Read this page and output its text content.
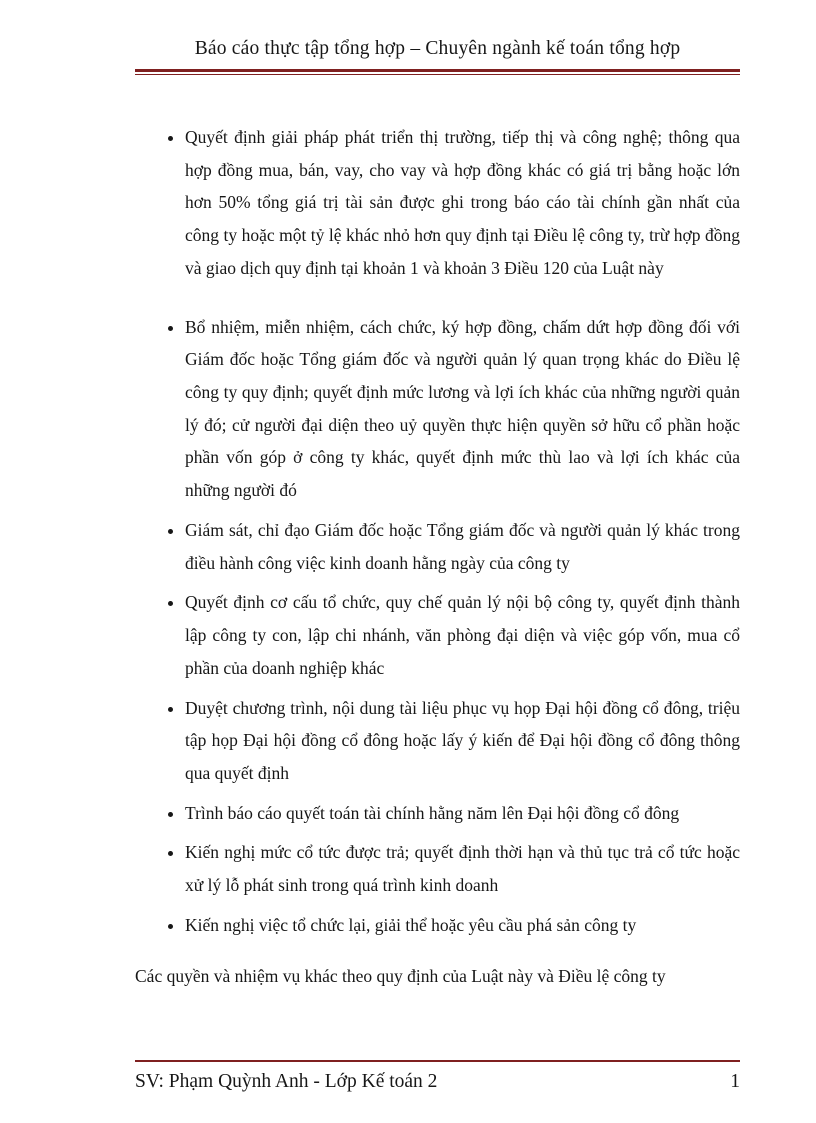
Báo cáo thực tập tổng hợp – Chuyên ngành kế toán tổng hợp
• Quyết định giải pháp phát triển thị trường, tiếp thị và công nghệ; thông qua hợp đồng mua, bán, vay, cho vay và hợp đồng khác có giá trị bằng hoặc lớn hơn 50% tổng giá trị tài sản được ghi trong báo cáo tài chính gần nhất của công ty hoặc một tỷ lệ khác nhỏ hơn quy định tại Điều lệ công ty, trừ hợp đồng và giao dịch quy định tại khoản 1 và khoản 3 Điều 120 của Luật này
• Bổ nhiệm, miễn nhiệm, cách chức, ký hợp đồng, chấm dứt hợp đồng đối với Giám đốc hoặc Tổng giám đốc và người quản lý quan trọng khác do Điều lệ công ty quy định; quyết định mức lương và lợi ích khác của những người quản lý đó; cử người đại diện theo uỷ quyền thực hiện quyền sở hữu cổ phần hoặc phần vốn góp ở công ty khác, quyết định mức thù lao và lợi ích khác của những người đó
• Giám sát, chỉ đạo Giám đốc hoặc Tổng giám đốc và người quản lý khác trong điều hành công việc kinh doanh hằng ngày của công ty
• Quyết định cơ cấu tổ chức, quy chế quản lý nội bộ công ty, quyết định thành lập công ty con, lập chi nhánh, văn phòng đại diện và việc góp vốn, mua cổ phần của doanh nghiệp khác
• Duyệt chương trình, nội dung tài liệu phục vụ họp Đại hội đồng cổ đông, triệu tập họp Đại hội đồng cổ đông hoặc lấy ý kiến để Đại hội đồng cổ đông thông qua quyết định
• Trình báo cáo quyết toán tài chính hằng năm lên Đại hội đồng cổ đông
• Kiến nghị mức cổ tức được trả; quyết định thời hạn và thủ tục trả cổ tức hoặc xử lý lỗ phát sinh trong quá trình kinh doanh
• Kiến nghị việc tổ chức lại, giải thể hoặc yêu cầu phá sản công ty

Các quyền và nhiệm vụ khác theo quy định của Luật này và Điều lệ công ty

SV: Phạm Quỳnh Anh - Lớp Kế toán 2	1
